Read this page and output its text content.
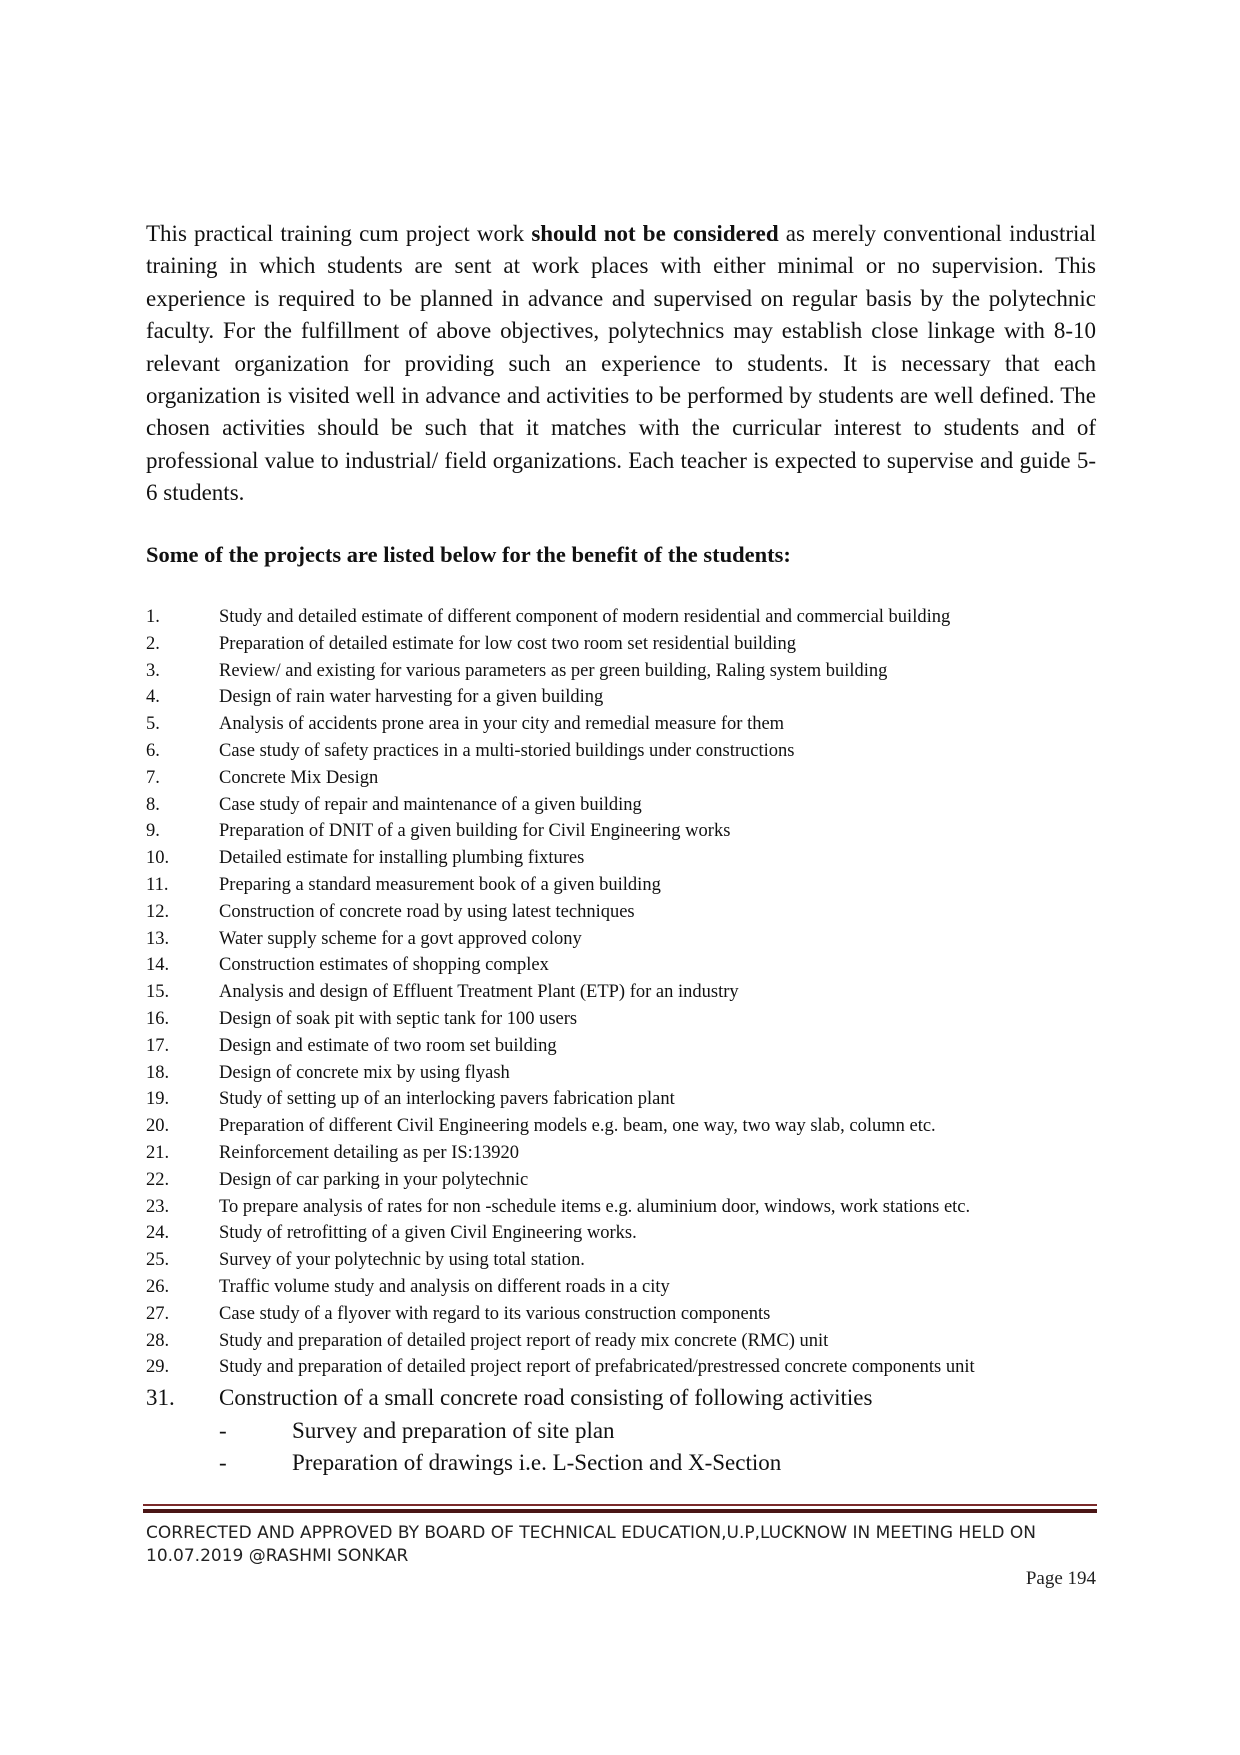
This practical training cum project work should not be considered as merely conventional industrial training in which students are sent at work places with either minimal or no supervision. This experience is required to be planned in advance and supervised on regular basis by the polytechnic faculty. For the fulfillment of above objectives, polytechnics may establish close linkage with 8-10 relevant organization for providing such an experience to students. It is necessary that each organization is visited well in advance and activities to be performed by students are well defined. The chosen activities should be such that it matches with the curricular interest to students and of professional value to industrial/ field organizations. Each teacher is expected to supervise and guide 5-6 students.

Some of the projects are listed below for the benefit of the students:

1.	Study and detailed estimate of different component of modern residential and commercial building
2.	Preparation of detailed estimate for low cost two room set residential building
3.	Review/ and existing for various parameters as per green building, Raling system building
4.	Design of rain water harvesting for a given building
5.	Analysis of accidents prone area in your city and remedial measure for them
6.	Case study of safety practices in a multi-storied buildings under constructions
7.	Concrete Mix Design
8.	Case study of repair and maintenance of a given building
9.	Preparation of DNIT of a given building for Civil Engineering works
10.	Detailed estimate for installing plumbing fixtures
11.	Preparing a standard measurement book of a given building
12.	Construction of concrete road by using latest techniques
13.	Water supply scheme for a govt approved colony
14.	Construction estimates of shopping complex
15.	Analysis and design of Effluent Treatment Plant (ETP) for an industry
16.	Design of soak pit with septic tank for 100 users
17.	Design and estimate of two room set building
18.	Design of concrete mix by using flyash
19.	Study of setting up of an interlocking pavers fabrication plant
20.	Preparation of different Civil Engineering models e.g. beam, one way, two way slab, column etc.
21.	Reinforcement detailing as per IS:13920
22.	Design of car parking in your polytechnic
23.	To prepare analysis of rates for non -schedule items e.g. aluminium door, windows, work stations etc.
24.	Study of retrofitting of a given Civil Engineering works.
25.	Survey of your polytechnic by using total station.
26.	Traffic volume study and analysis on different roads in a city
27.	Case study of a flyover with regard to its various construction components
28.	Study and preparation of detailed project report of ready mix concrete (RMC) unit
29.	Study and preparation of detailed project report of prefabricated/prestressed concrete components unit
31. Construction of a small concrete road consisting of following activities
-	Survey and preparation of site plan
-	Preparation of drawings i.e. L-Section and X-Section
CORRECTED AND APPROVED BY BOARD OF TECHNICAL EDUCATION,U.P,LUCKNOW IN MEETING HELD ON
10.07.2019 @RASHMI SONKAR
Page 194
